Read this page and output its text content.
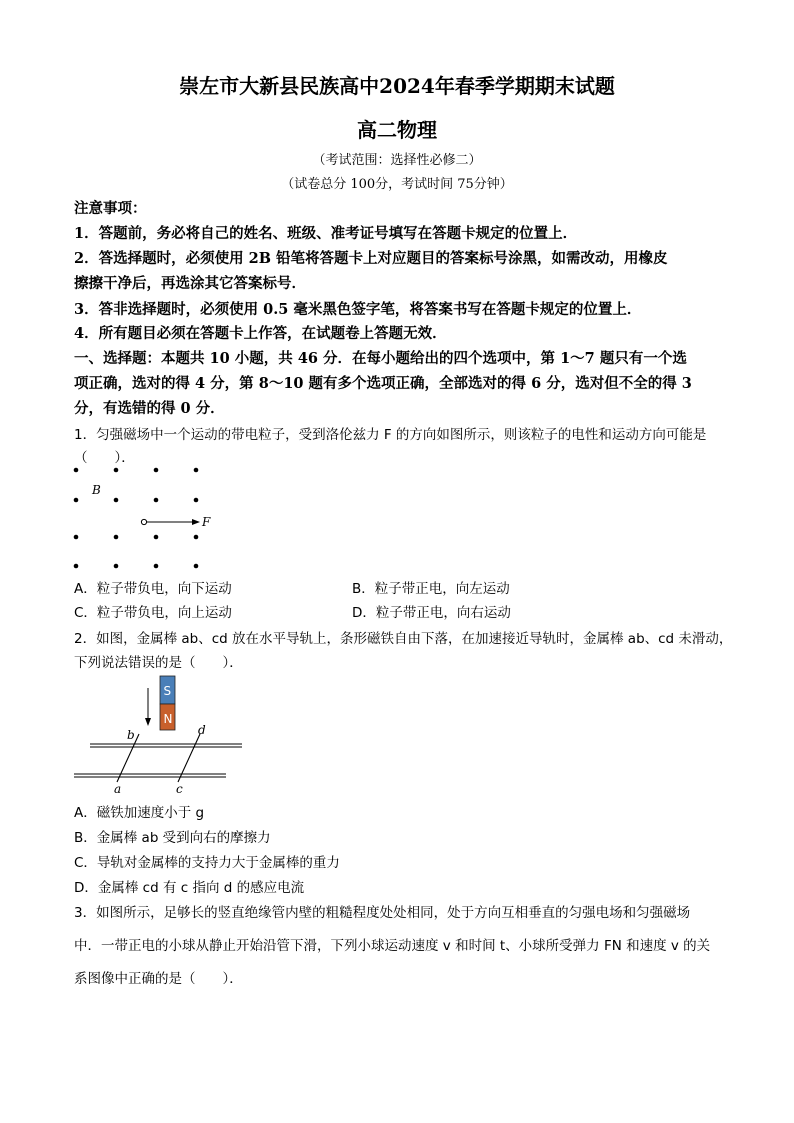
崇左市大新县民族高中2024年春季学期期末试题
高二物理
（考试范围：选择性必修二）
（试卷总分 100分，考试时间 75分钟）
注意事项：
1．答题前，务必将自己的姓名、班级、准考证号填写在答题卡规定的位置上．
2．答选择题时，必须使用 2B 铅笔将答题卡上对应题目的答案标号涂黑，如需改动，用橡皮
擦擦干净后，再选涂其它答案标号．
3．答非选择题时，必须使用 0.5 毫米黑色签字笔，将答案书写在答题卡规定的位置上．
4．所有题目必须在答题卡上作答，在试题卷上答题无效．
一、选择题：本题共 10 小题，共 46 分．在每小题给出的四个选项中，第 1～7 题只有一个选
项正确，选对的得 4 分，第 8～10 题有多个选项正确，全部选对的得 6 分，选对但不全的得 3
分，有选错的得 0 分．
1．匀强磁场中一个运动的带电粒子，受到洛伦兹力 F 的方向如图所示，则该粒子的电性和运动方向可能是
（　　）．
B
F
A．粒子带负电，向下运动	B．粒子带正电，向左运动
C．粒子带负电，向上运动	D．粒子带正电，向右运动
2．如图，金属棒 ab、cd 放在水平导轨上，条形磁铁自由下落，在加速接近导轨时，金属棒 ab、cd 未滑动，
下列说法错误的是（　　）．
S
N
b	d
a	c
A．磁铁加速度小于 g
B．金属棒 ab 受到向右的摩擦力
C．导轨对金属棒的支持力大于金属棒的重力
D．金属棒 cd 有 c 指向 d 的感应电流
3．如图所示，足够长的竖直绝缘管内壁的粗糙程度处处相同，处于方向互相垂直的匀强电场和匀强磁场
中．一带正电的小球从静止开始沿管下滑，下列小球运动速度 v 和时间 t、小球所受弹力 FN 和速度 v 的关
系图像中正确的是（　　）．
